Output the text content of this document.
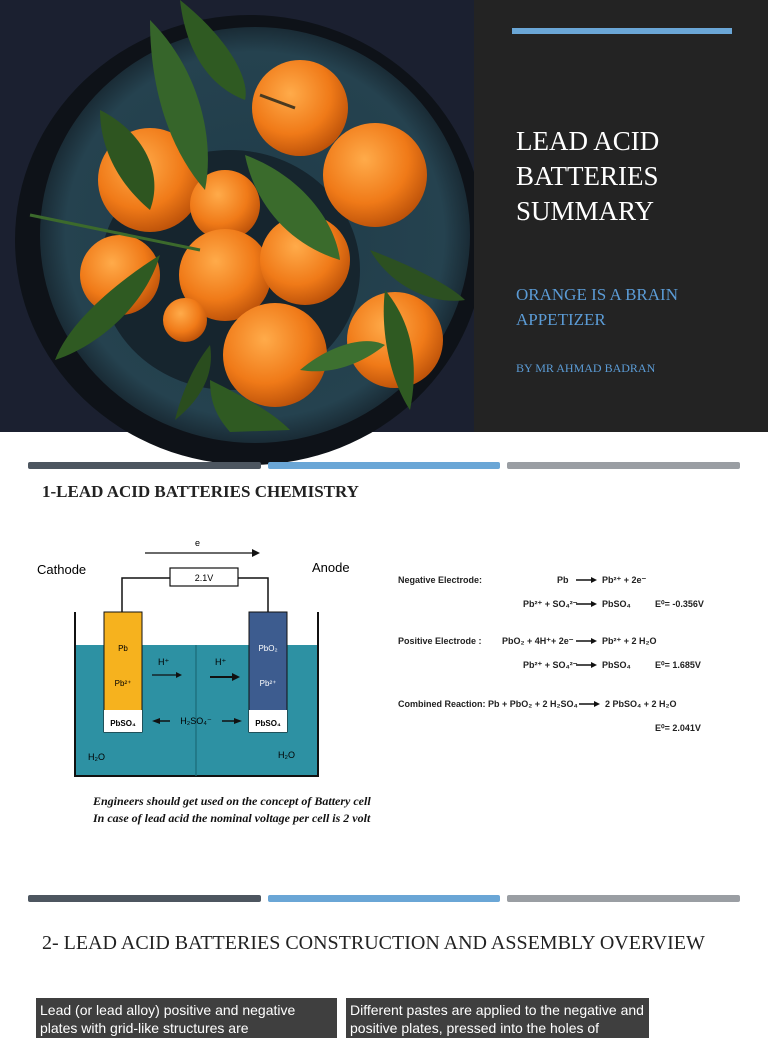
LEAD ACID
BATTERIES
SUMMARY
ORANGE IS A BRAIN
APPETIZER
BY MR AHMAD BADRAN
1-LEAD ACID BATTERIES CHEMISTRY
e
Cathode	Anode
2.1V
Pb
Pb²⁺
PbSO₄
PbO₂
Pb²⁺
PbSO₄
H⁺	H⁺
H₂SO₄⁻
H₂O	H₂O
Negative Electrode:	Pb	Pb²⁺ + 2e⁻
Pb²⁺ + SO₄²⁻	PbSO₄	E⁰= -0.356V
Positive Electrode : PbO₂ + 4H⁺+ 2e⁻	Pb²⁺ + 2 H₂O
Pb²⁺ + SO₄²⁻	PbSO₄	E⁰= 1.685V
Combined Reaction: Pb + PbO₂ + 2 H₂SO₄	2 PbSO₄ + 2 H₂O
E⁰= 2.041V
Engineers should get used on the concept of Battery cell
In case of lead acid the nominal voltage per cell is 2 volt
2- LEAD ACID BATTERIES CONSTRUCTION AND ASSEMBLY OVERVIEW
Lead (or lead alloy) positive and negative plates with grid-like structures are
Different pastes are applied to the negative and positive plates, pressed into the holes of
